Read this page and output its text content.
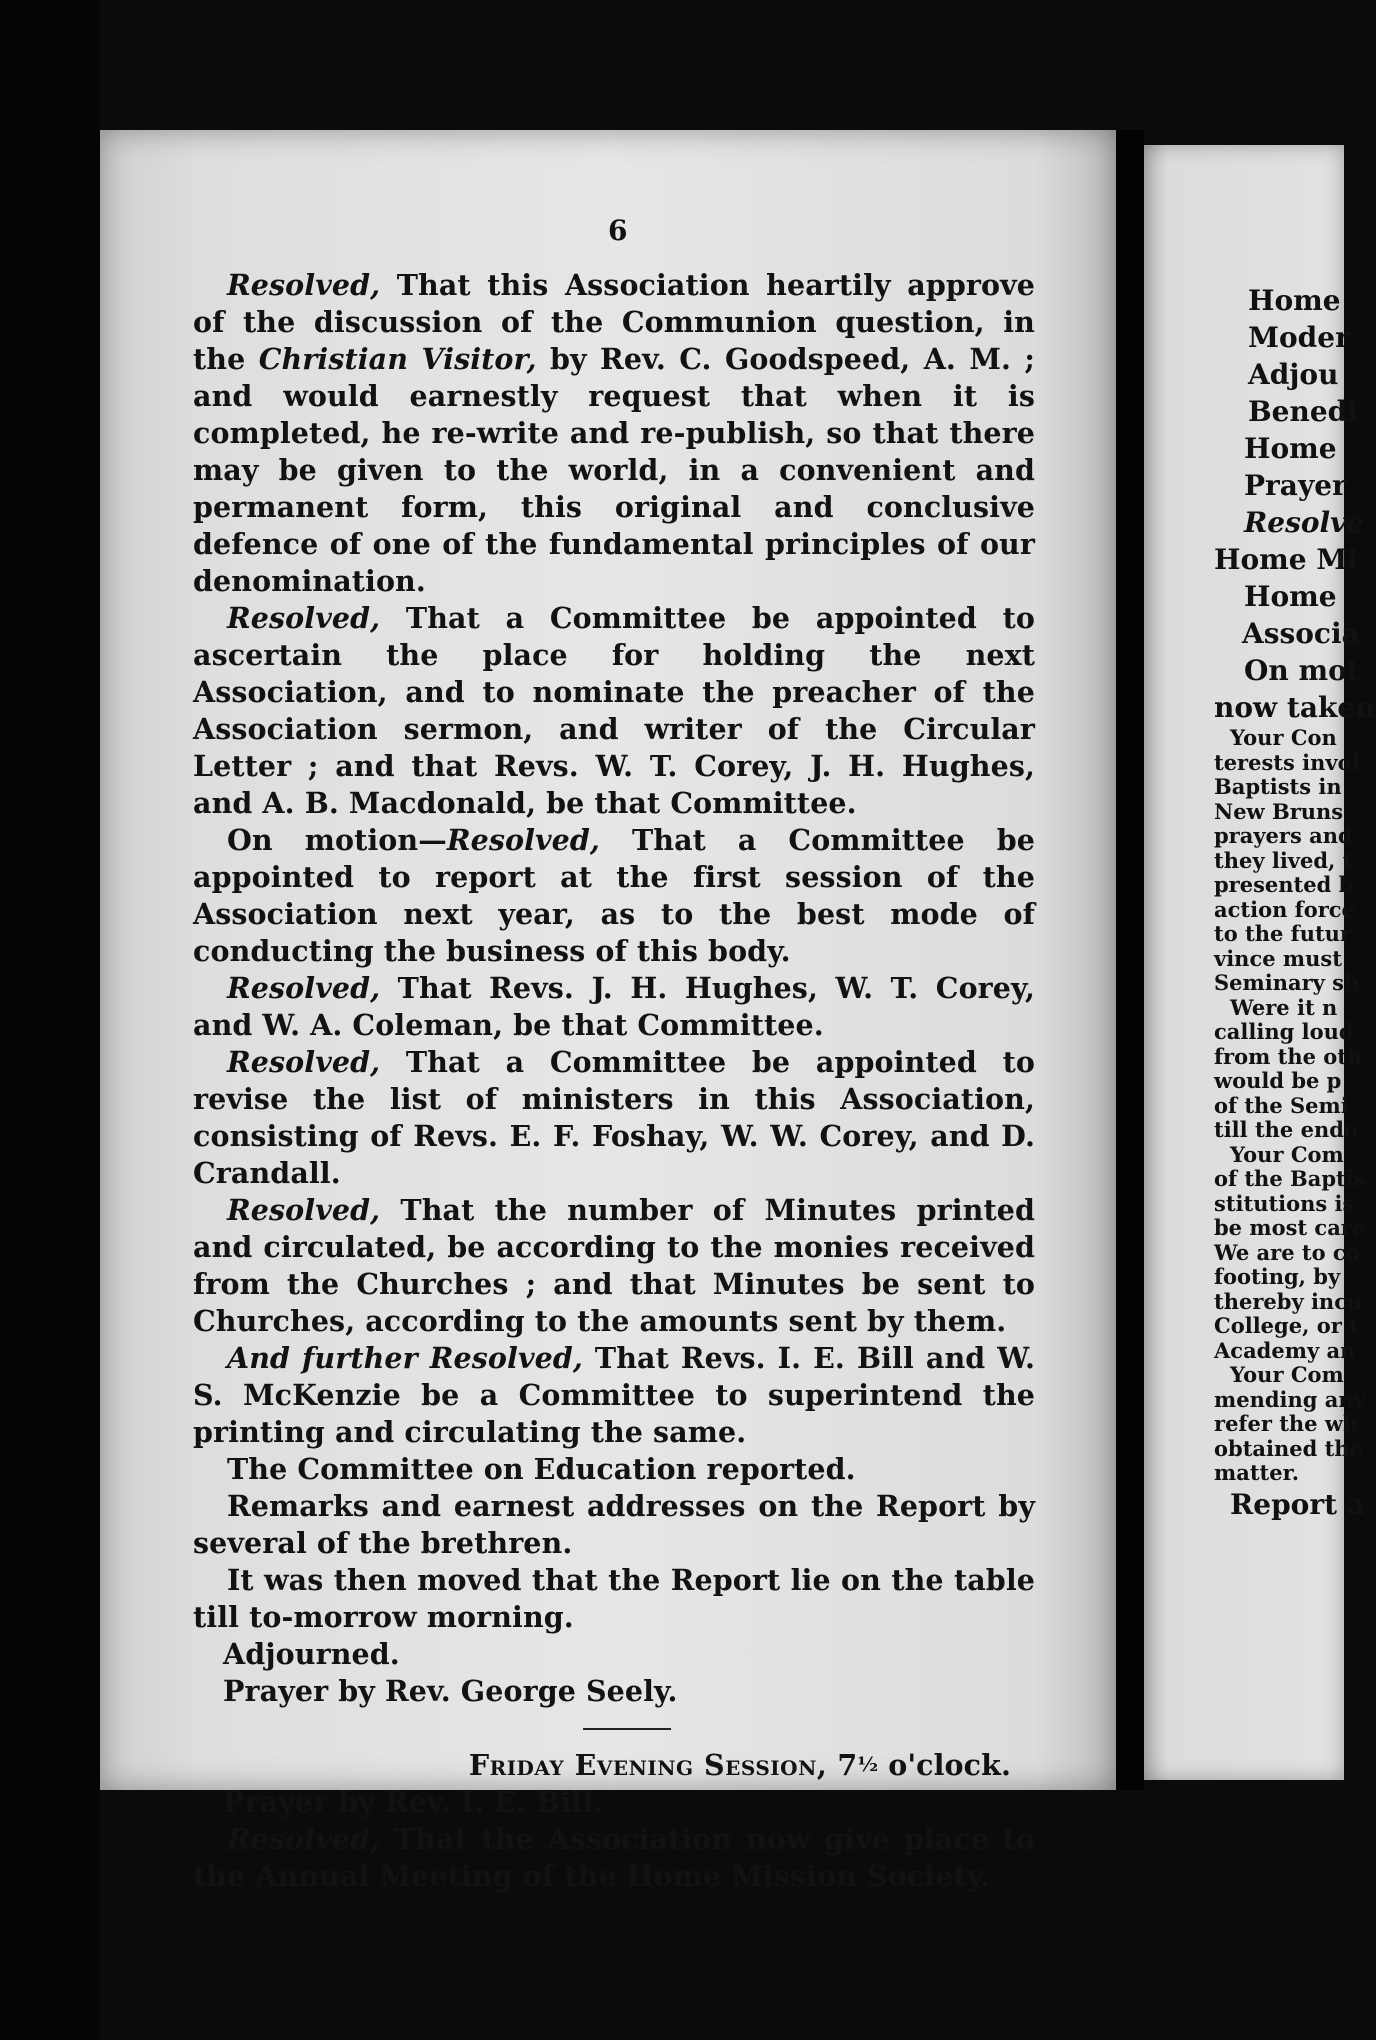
6

Resolved, That this Association heartily approve of the discussion of the Communion question, in the Christian Visitor, by Rev. C. Goodspeed, A. M. ; and would earnestly request that when it is completed, he re-write and re-publish, so that there may be given to the world, in a convenient and permanent form, this original and conclusive defence of one of the fundamental principles of our denomination.

Resolved, That a Committee be appointed to ascertain the place for holding the next Association, and to nominate the preacher of the Association sermon, and writer of the Circular Letter ; and that Revs. W. T. Corey, J. H. Hughes, and A. B. Macdonald, be that Committee.

On motion—Resolved, That a Committee be appointed to report at the first session of the Association next year, as to the best mode of conducting the business of this body.

Resolved, That Revs. J. H. Hughes, W. T. Corey, and W. A. Coleman, be that Committee.

Resolved, That a Committee be appointed to revise the list of ministers in this Association, consisting of Revs. E. F. Foshay, W. W. Corey, and D. Crandall.

Resolved, That the number of Minutes printed and circulated, be according to the monies received from the Churches ; and that Minutes be sent to Churches, according to the amounts sent by them.

And further Resolved, That Revs. I. E. Bill and W. S. McKenzie be a Committee to superintend the printing and circulating the same.

The Committee on Education reported.

Remarks and earnest addresses on the Report by several of the brethren.

It was then moved that the Report lie on the table till to-morrow morning.

Adjourned.

Prayer by Rev. George Seely.

Friday Evening Session, 7½ o'clock.

Prayer by Rev. I. E. Bill.

Resolved, That the Association now give place to the Annual Meeting of the Home Mission Society.

Home
Moder
Adjou
Benedi
Home
Prayer
Resolve
Home Mi
Home
Associa
On mot
now taken
Your Con
terests invol
Baptists in
New Bruns
prayers and
they lived, t
presented b
action force
to the futur
vince must
Seminary sh
Were it n
calling loud
from the oth
would be p
of the Semi
till the endo
Your Com
of the Baptis
stitutions is
be most care
We are to co
footing, by
thereby incu
College, or t
Academy an
Your Com
mending any
refer the wh
obtained the
matter.
Report a
